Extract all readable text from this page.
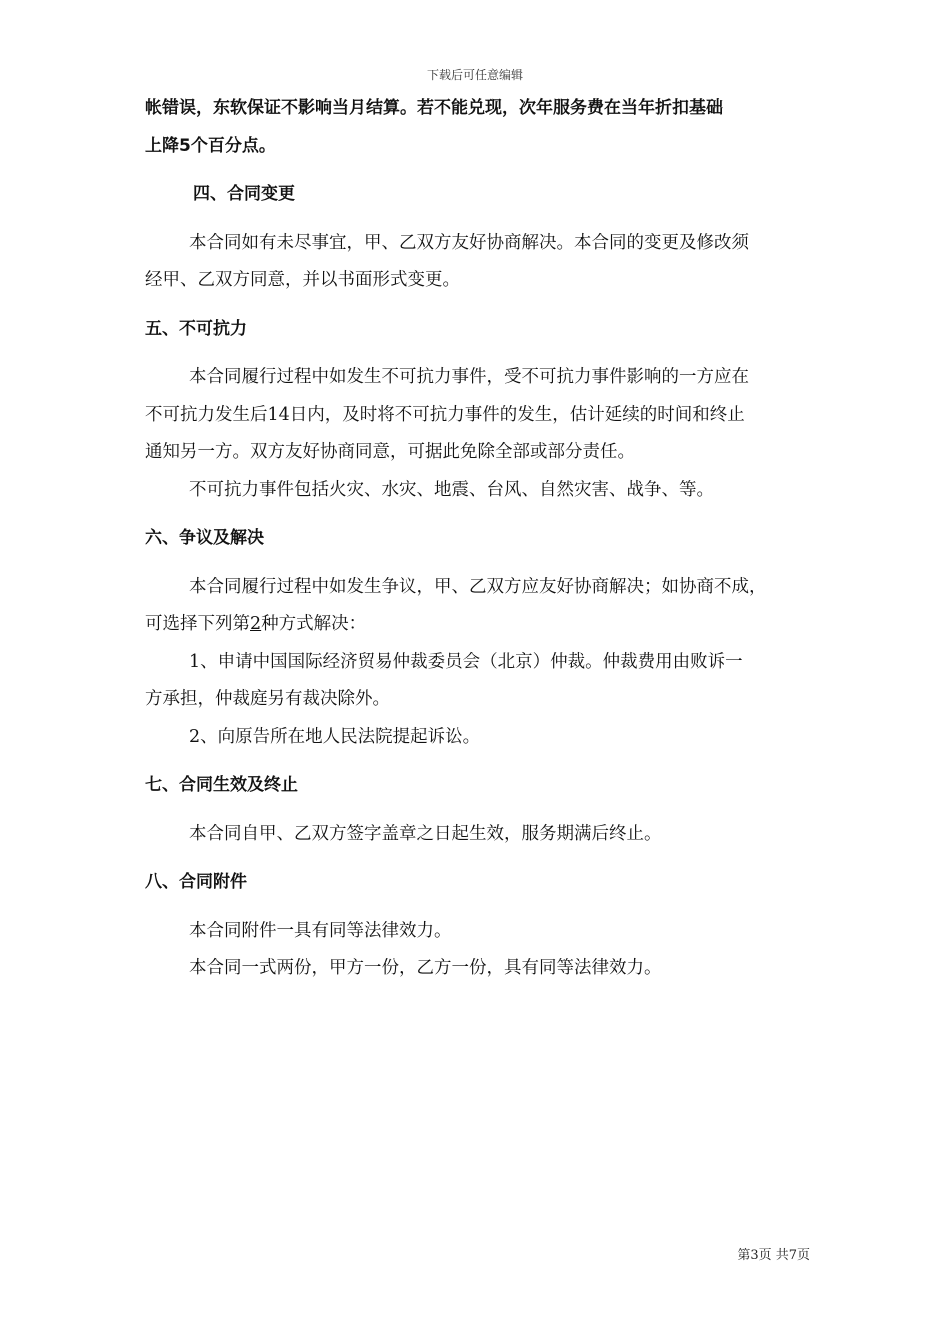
下载后可任意编辑
帐错误，东软保证不影响当月结算。若不能兑现，次年服务费在当年折扣基础
上降5个百分点。
四、合同变更
本合同如有未尽事宜，甲、乙双方友好协商解决。本合同的变更及修改须
经甲、乙双方同意，并以书面形式变更。
五、不可抗力
本合同履行过程中如发生不可抗力事件，受不可抗力事件影响的一方应在
不可抗力发生后14日内，及时将不可抗力事件的发生，估计延续的时间和终止
通知另一方。双方友好协商同意，可据此免除全部或部分责任。
不可抗力事件包括火灾、水灾、地震、台风、自然灾害、战争、等。
六、争议及解决
本合同履行过程中如发生争议，甲、乙双方应友好协商解决；如协商不成，
可选择下列第2种方式解决：
1、申请中国国际经济贸易仲裁委员会（北京）仲裁。仲裁费用由败诉一
方承担，仲裁庭另有裁决除外。
2、向原告所在地人民法院提起诉讼。
七、合同生效及终止
本合同自甲、乙双方签字盖章之日起生效，服务期满后终止。
八、合同附件
本合同附件一具有同等法律效力。
本合同一式两份，甲方一份，乙方一份，具有同等法律效力。
第3页 共7页
